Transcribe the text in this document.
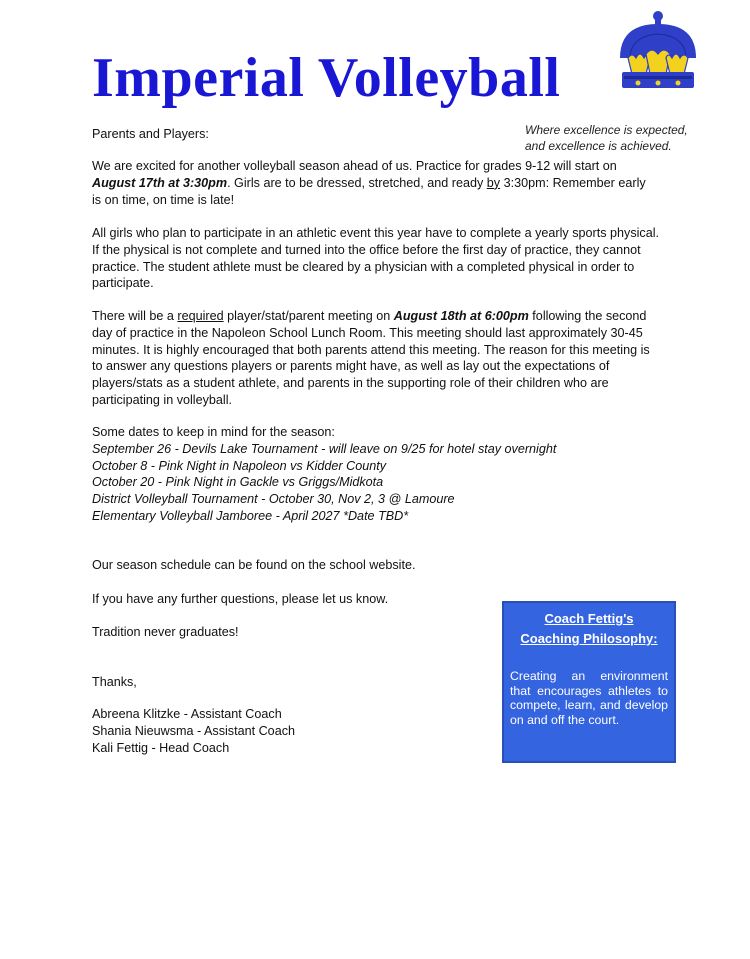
Imperial Volleyball
Where excellence is expected,
and excellence is achieved.

Parents and Players:

We are excited for another volleyball season ahead of us. Practice for grades 9-12 will start on August 17th at 3:30pm. Girls are to be dressed, stretched, and ready by 3:30pm: Remember early is on time, on time is late!

All girls who plan to participate in an athletic event this year have to complete a yearly sports physical. If the physical is not complete and turned into the office before the first day of practice, they cannot practice. The student athlete must be cleared by a physician with a completed physical in order to participate.

There will be a required player/stat/parent meeting on August 18th at 6:00pm following the second day of practice in the Napoleon School Lunch Room. This meeting should last approximately 30-45 minutes. It is highly encouraged that both parents attend this meeting. The reason for this meeting is to answer any questions players or parents might have, as well as lay out the expectations of players/stats as a student athlete, and parents in the supporting role of their children who are participating in volleyball.

Some dates to keep in mind for the season:

September 26 - Devils Lake Tournament - will leave on 9/25 for hotel stay overnight
October 8 - Pink Night in Napoleon vs Kidder County
October 20 - Pink Night in Gackle vs Griggs/Midkota
District Volleyball Tournament - October 30, Nov 2, 3 @ Lamoure
Elementary Volleyball Jamboree - April 2027 *Date TBD*

Our season schedule can be found on the school website.

If you have any further questions, please let us know.

Tradition never graduates!

Thanks,

Abreena Klitzke - Assistant Coach
Shania Nieuwsma - Assistant Coach
Kali Fettig - Head Coach
Coach Fettig's
Coaching Philosophy:
Creating an environment that encourages athletes to compete, learn, and develop on and off the court.
